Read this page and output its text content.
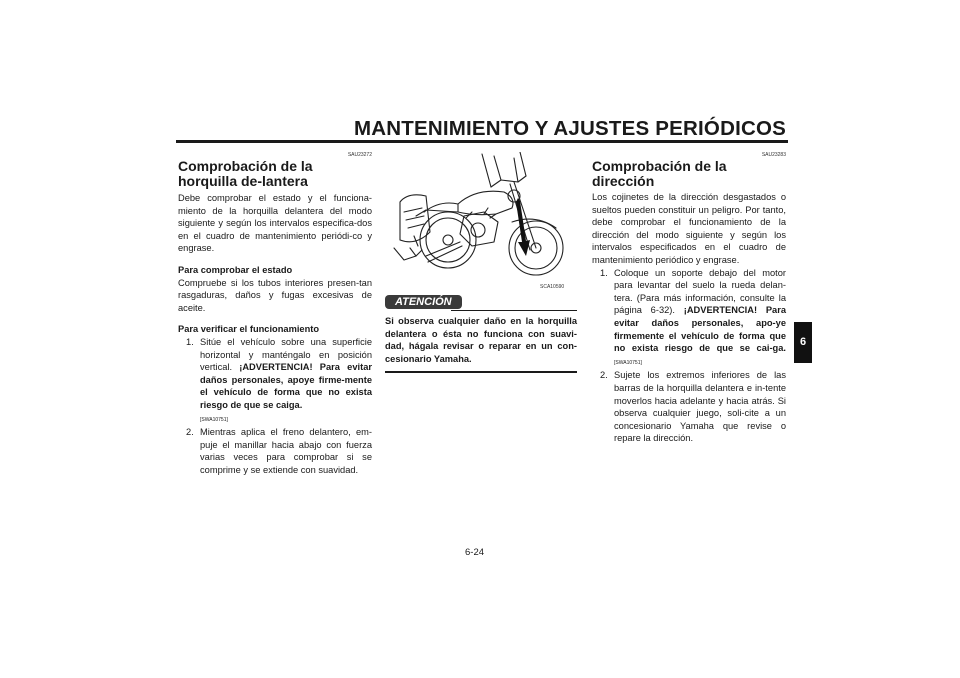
MANTENIMIENTO Y AJUSTES PERIÓDICOS
SAU23272
Comprobación de la horquilla de-lantera

Debe comprobar el estado y el funciona-miento de la horquilla delantera del modo siguiente y según los intervalos especifica-dos en el cuadro de mantenimiento periódi-co y engrase.

Para comprobar el estado

Compruebe si los tubos interiores presen-tan rasgaduras, daños y fugas excesivas de aceite.

Para verificar el funcionamiento
1. Sitúe el vehículo sobre una superficie horizontal y manténgalo en posición vertical. ¡ADVERTENCIA! Para evitar daños personales, apoye firme-mente el vehículo de forma que no exista riesgo de que se caiga.
[SWA10751]
2. Mientras aplica el freno delantero, em-puje el manillar hacia abajo con fuerza varias veces para comprobar si se comprime y se extiende con suavidad.
SCA10590
ATENCIÓN

Si observa cualquier daño en la horquilla delantera o ésta no funciona con suavi-dad, hágala revisar o reparar en un con-cesionario Yamaha.

SAU23283
Comprobación de la dirección

Los cojinetes de la dirección desgastados o sueltos pueden constituir un peligro. Por tanto, debe comprobar el funcionamiento de la dirección del modo siguiente y según los intervalos especificados en el cuadro de mantenimiento periódico y engrase.

1. Coloque un soporte debajo del motor para levantar del suelo la rueda delan-tera. (Para más información, consulte la página 6-32). ¡ADVERTENCIA! Para evitar daños personales, apo-ye firmemente el vehículo de forma que no exista riesgo de que se cai-ga. [SWA10751]
2. Sujete los extremos inferiores de las barras de la horquilla delantera e in-tente moverlos hacia adelante y hacia atrás. Si observa cualquier juego, soli-cite a un concesionario Yamaha que revise o repare la dirección.
6
6-24
